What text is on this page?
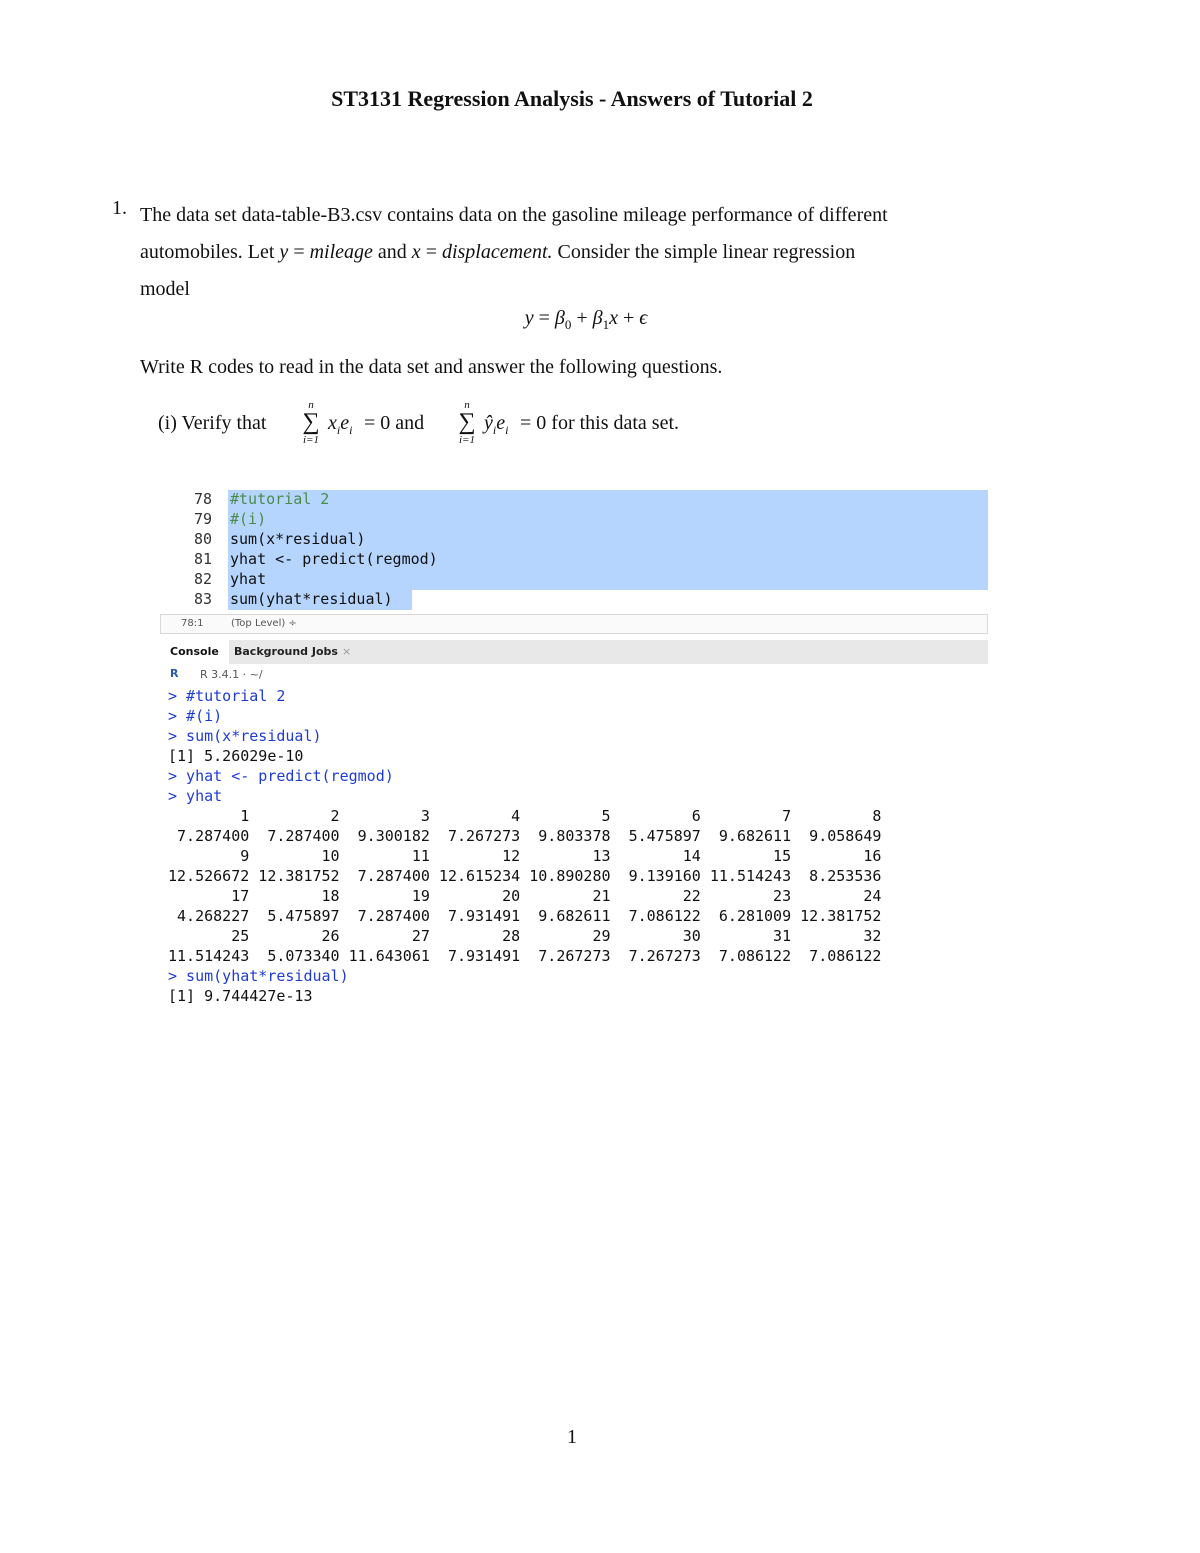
ST3131 Regression Analysis - Answers of Tutorial 2
1. The data set data-table-B3.csv contains data on the gasoline mileage performance of different
automobiles. Let y = mileage and x = displacement. Consider the simple linear regression
model
$y = \beta_0 + \beta_1x + \epsilon$
Write R codes to read in the data set and answer the following questions.
(i) Verify that
n
∑
i=1
$x_ie_i = 0$ and
n
∑
i=1
$ŷ_ie_i = 0$ for this data set.
78 #tutorial 2
79 #(i)
80 sum(x*residual)
81 yhat <- predict(regmod)
82 yhat
83 sum(yhat*residual)
78:1	(Top Level) ÷
Console	Background Jobs ×
R R 3.4.1 · ~/
> #tutorial 2
> #(i)
> sum(x*residual)
[1] 5.26029e-10
> yhat <- predict(regmod)
> yhat
1         2         3         4         5         6         7         8
7.287400  7.287400  9.300182  7.267273  9.803378  5.475897  9.682611  9.058649
9        10        11        12        13        14        15        16
12.526672 12.381752  7.287400 12.615234 10.890280  9.139160 11.514243  8.253536
17        18        19        20        21        22        23        24
4.268227  5.475897  7.287400  7.931491  9.682611  7.086122  6.281009 12.381752
25        26        27        28        29        30        31        32
11.514243  5.073340 11.643061  7.931491  7.267273  7.267273  7.086122  7.086122
> sum(yhat*residual)
[1] 9.744427e-13
1
